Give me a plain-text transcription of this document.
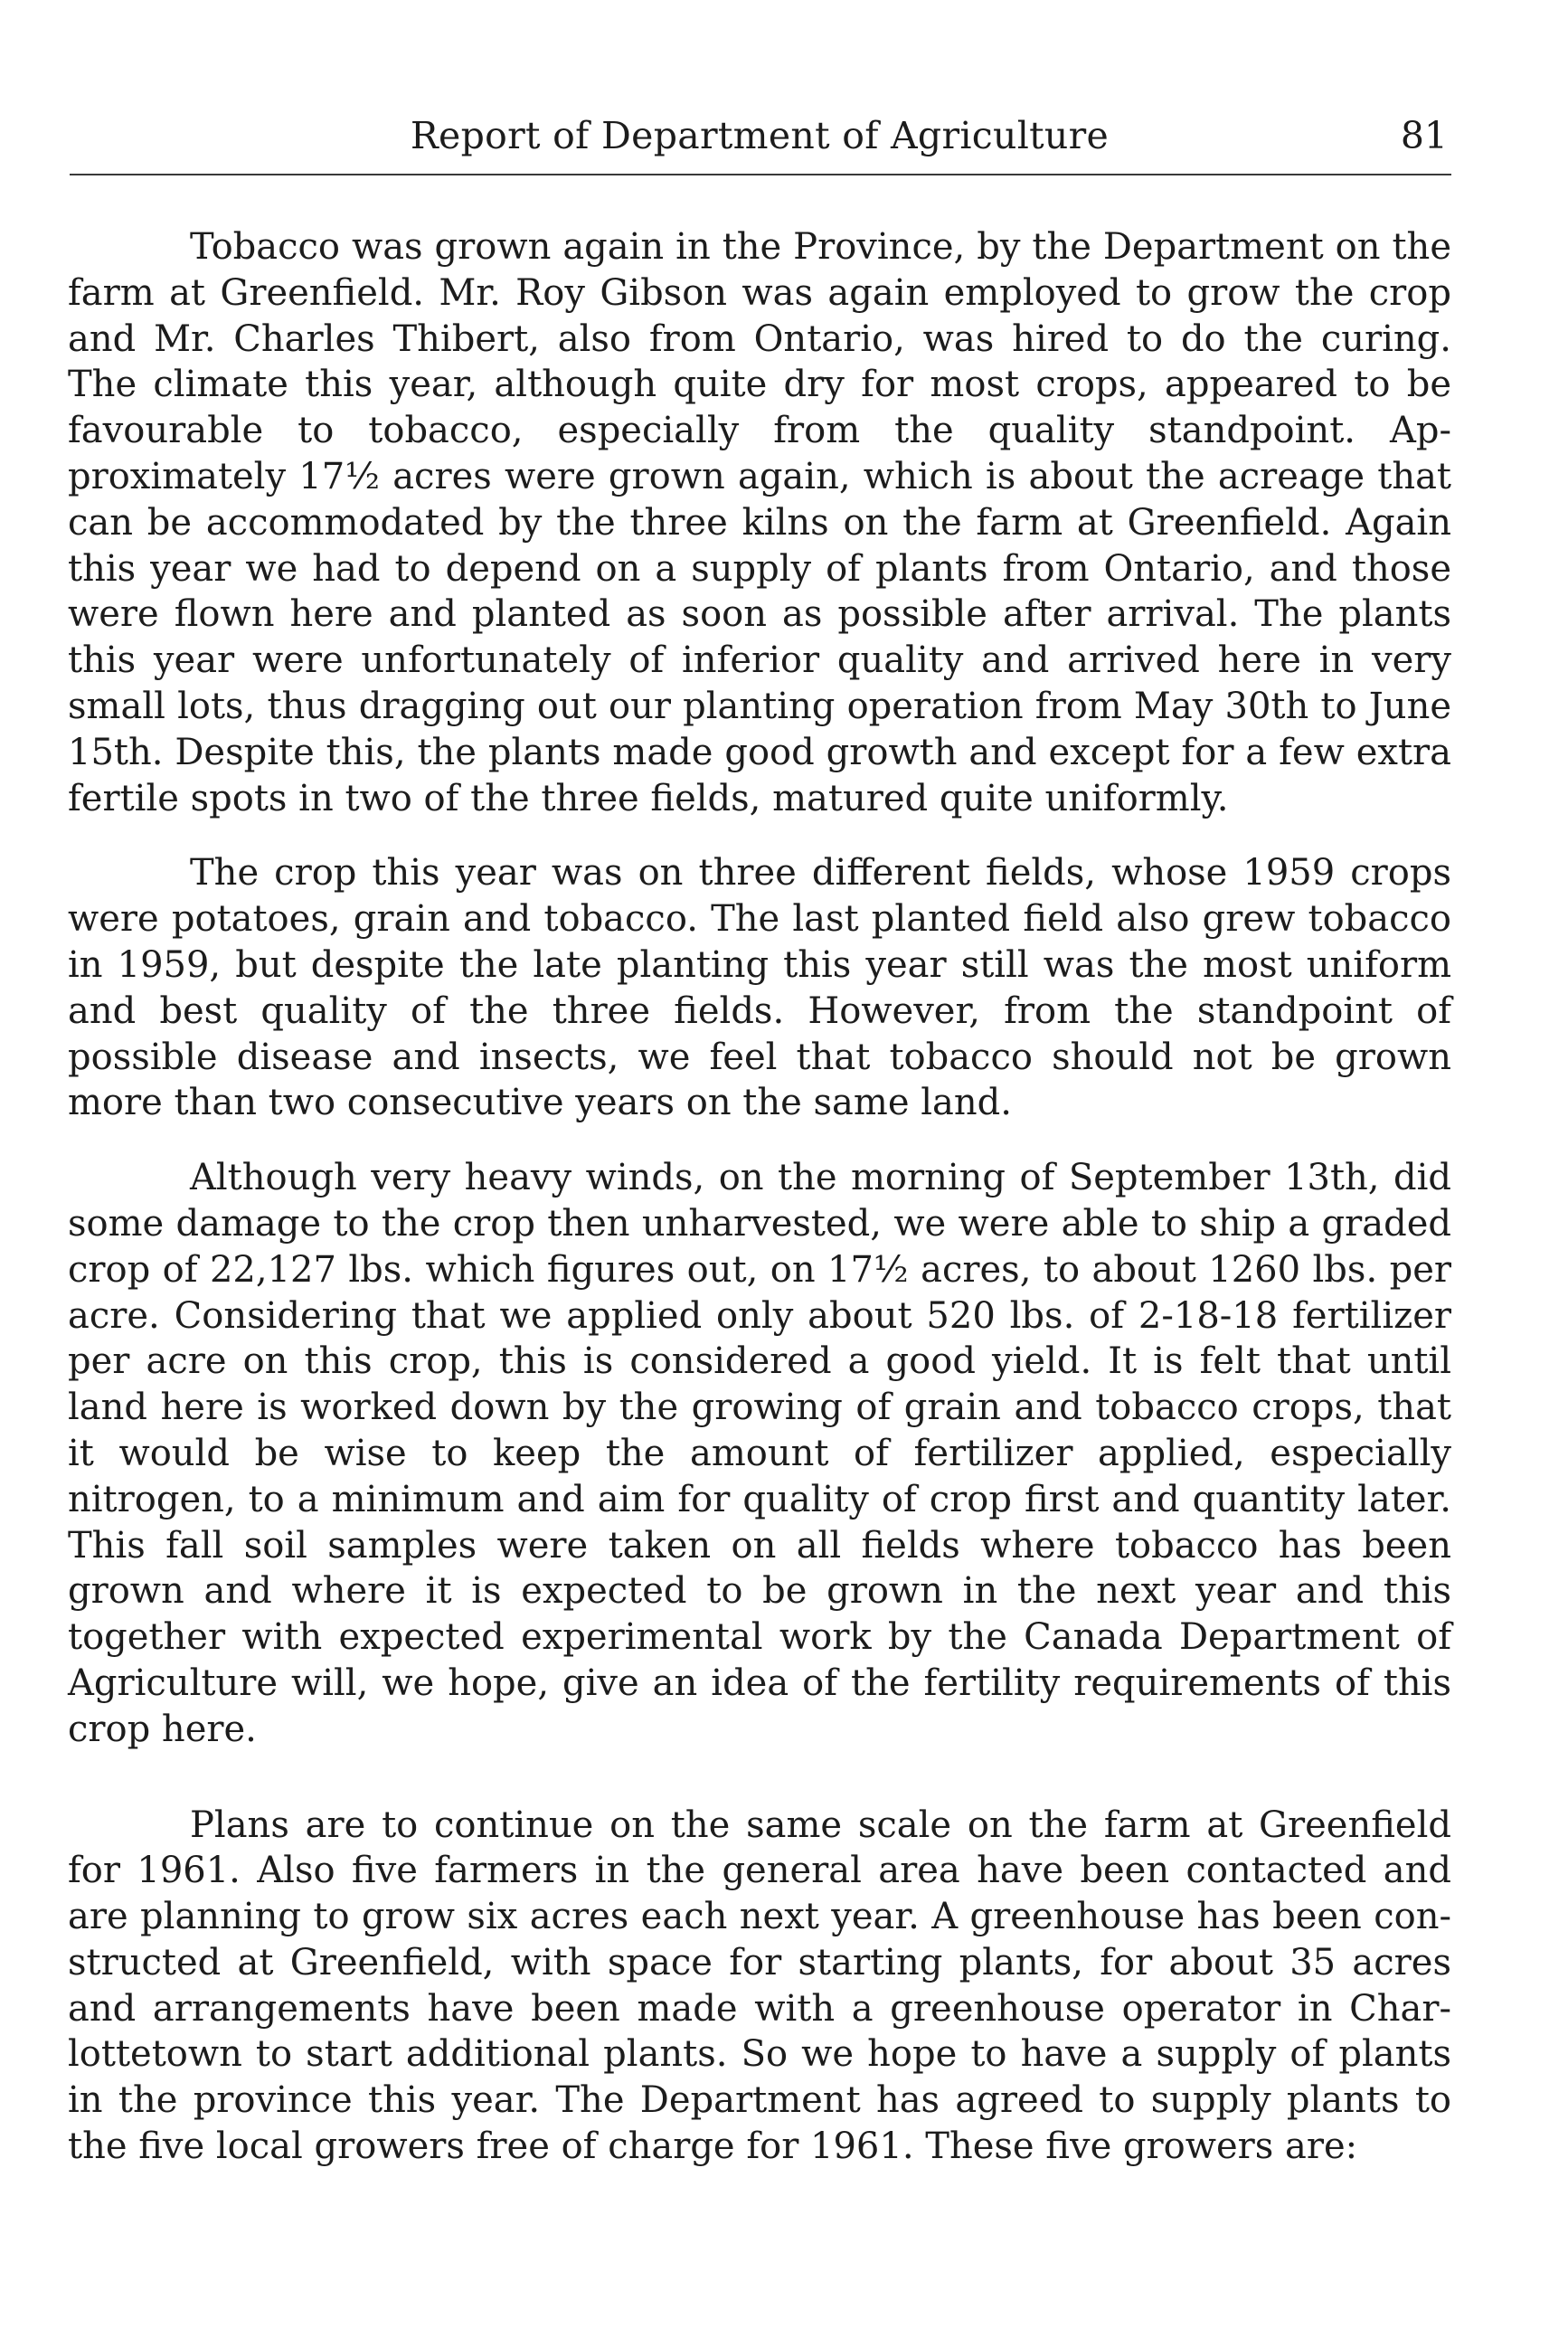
Report of Department of Agriculture	81

Tobacco was grown again in the Province, by the Department on the farm at Greenfield. Mr. Roy Gibson was again employed to grow the crop and Mr. Charles Thibert, also from Ontario, was hired to do the curing. The climate this year, although quite dry for most crops, appeared to be favourable to tobacco, especially from the quality standpoint. Approximately 17½ acres were grown again, which is about the acreage that can be accommodated by the three kilns on the farm at Greenfield. Again this year we had to depend on a supply of plants from Ontario, and those were flown here and planted as soon as possible after arrival. The plants this year were unfortunately of inferior quality and arrived here in very small lots, thus dragging out our planting operation from May 30th to June 15th. Despite this, the plants made good growth and except for a few extra fertile spots in two of the three fields, matured quite uniformly.

The crop this year was on three different fields, whose 1959 crops were potatoes, grain and tobacco. The last planted field also grew tobacco in 1959, but despite the late planting this year still was the most uniform and best quality of the three fields. However, from the standpoint of possible disease and insects, we feel that tobacco should not be grown more than two consecutive years on the same land.

Although very heavy winds, on the morning of September 13th, did some damage to the crop then unharvested, we were able to ship a graded crop of 22,127 lbs. which figures out, on 17½ acres, to about 1260 lbs. per acre. Considering that we applied only about 520 lbs. of 2-18-18 fertilizer per acre on this crop, this is considered a good yield. It is felt that until land here is worked down by the growing of grain and tobacco crops, that it would be wise to keep the amount of fertilizer applied, especially nitrogen, to a minimum and aim for quality of crop first and quantity later. This fall soil samples were taken on all fields where tobacco has been grown and where it is expected to be grown in the next year and this together with expected experimental work by the Canada Department of Agriculture will, we hope, give an idea of the fertility requirements of this crop here.

Plans are to continue on the same scale on the farm at Greenfield for 1961. Also five farmers in the general area have been contacted and are planning to grow six acres each next year. A greenhouse has been constructed at Greenfield, with space for starting plants, for about 35 acres and arrangements have been made with a greenhouse operator in Charlottetown to start additional plants. So we hope to have a supply of plants in the province this year. The Department has agreed to supply plants to the five local growers free of charge for 1961. These five growers are:
